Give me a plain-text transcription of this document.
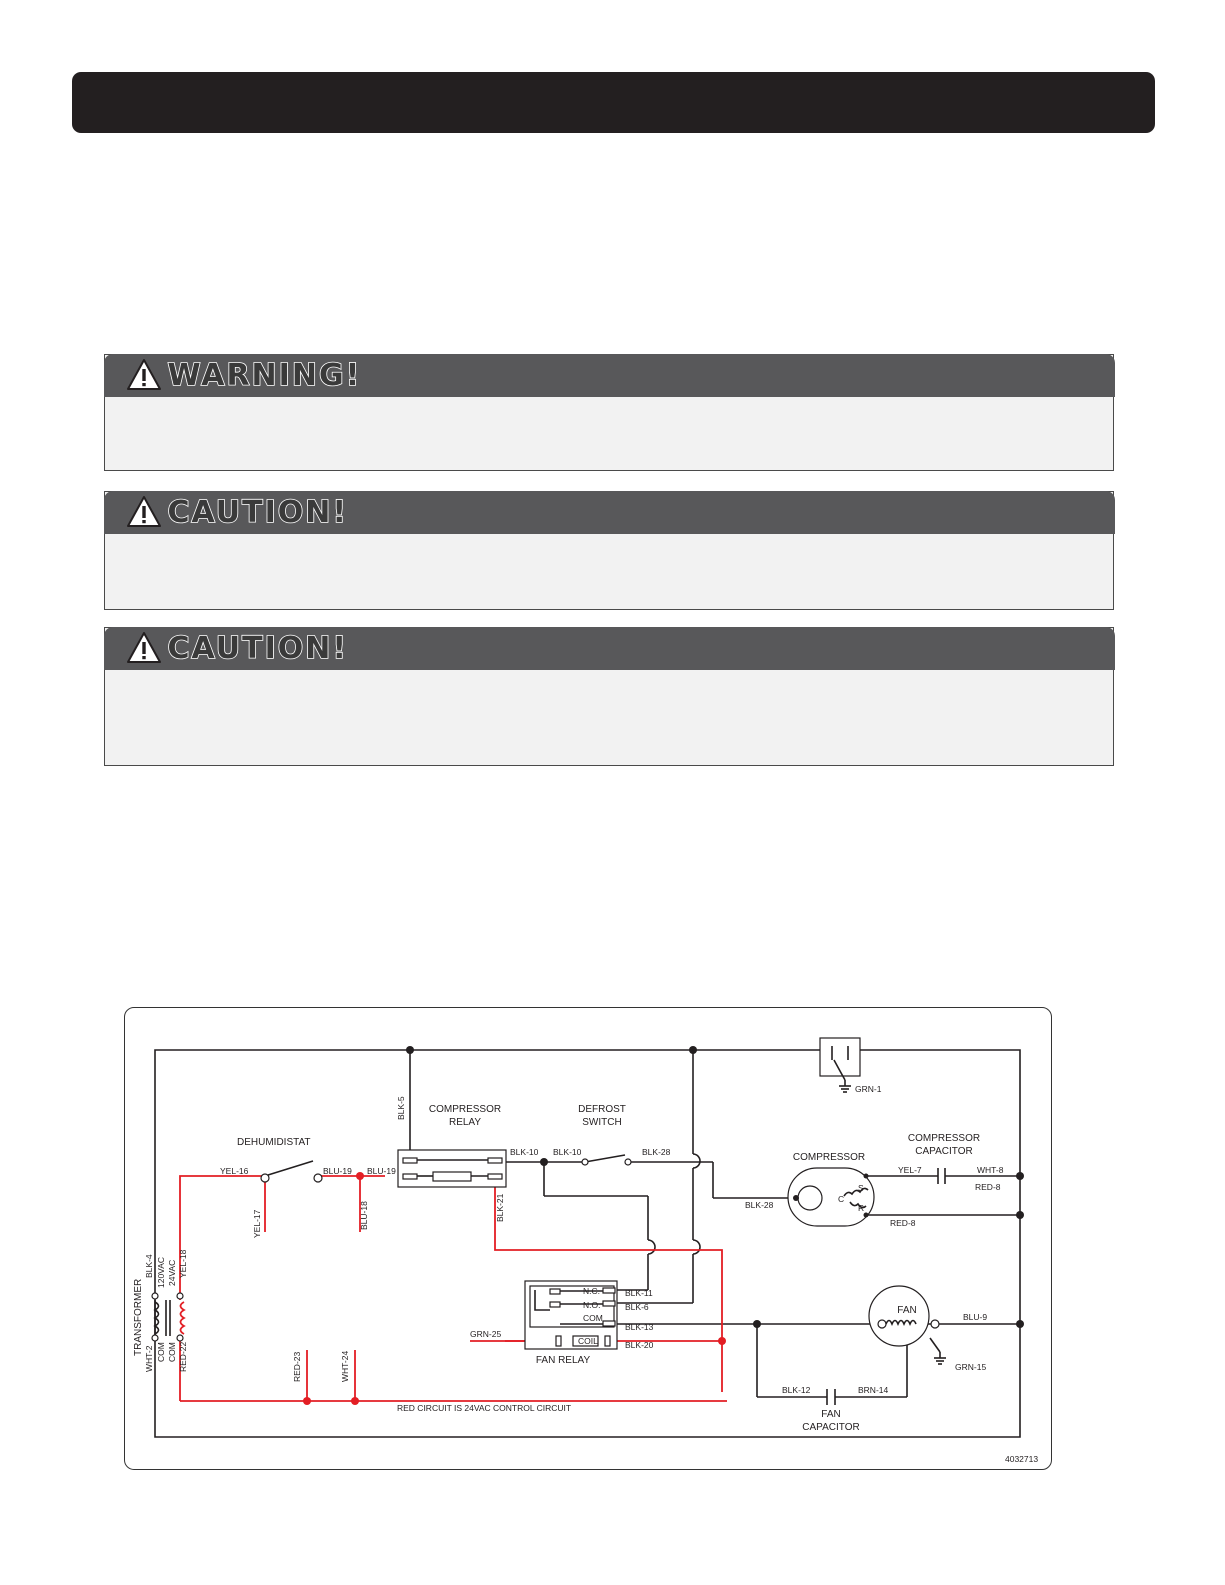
WARNING!
CAUTION!
CAUTION!
DEHUMIDISTAT
COMPRESSOR
RELAY
DEFROST
SWITCH
COMPRESSOR
COMPRESSOR
CAPACITOR
FAN
FAN RELAY
FAN
CAPACITOR
TRANSFORMER
GRN-1
BLK-5
BLK-10 BLK-10	BLK-28
BLK-28
YEL-16
YEL-17
BLU-19 BLU-19
BLU-18	BLK-21
YEL-7	WHT-8
RED-8
RED-8
BLK-11
BLK-6
BLK-13
BLK-20
GRN-25
BLU-9
GRN-15
BLK-12	BRN-14
BLK-4	YEL-18
WHT-2	RED-22	RED-23	WHT-24
S
C
R
N.C.
N.O.
COM
COIL
120VAC 24VAC
COM COM
RED CIRCUIT IS 24VAC CONTROL CIRCUIT
4032713
